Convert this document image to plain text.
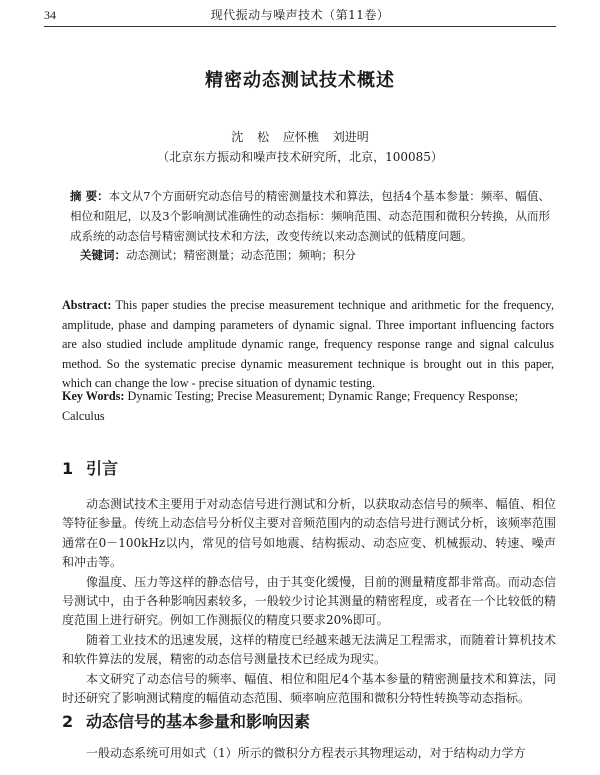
34	现代振动与噪声技术（第11卷）
精密动态测试技术概述
沈 松 应怀樵 刘进明
（北京东方振动和噪声技术研究所，北京，100085）
摘 要：本文从7个方面研究动态信号的精密测量技术和算法，包括4个基本参量：频率、幅值、相位和阻尼，以及3个影响测试准确性的动态指标：频响范围、动态范围和微积分转换，从而形成系统的动态信号精密测试技术和方法，改变传统以来动态测试的低精度问题。
关键词：动态测试；精密测量；动态范围；频响；积分
Abstract: This paper studies the precise measurement technique and arithmetic for the frequency, amplitude, phase and damping parameters of dynamic signal. Three important influencing factors are also studied include amplitude dynamic range, frequency response range and signal calculus method. So the systematic precise dynamic measurement technique is brought out in this paper, which can change the low - precise situation of dynamic testing.
Key Words: Dynamic Testing; Precise Measurement; Dynamic Range; Frequency Response; Calculus
1 引言

动态测试技术主要用于对动态信号进行测试和分析，以获取动态信号的频率、幅值、相位等特征参量。传统上动态信号分析仪主要对音频范围内的动态信号进行测试分析，该频率范围通常在0－100kHz以内，常见的信号如地震、结构振动、动态应变、机械振动、转速、噪声和冲击等。

像温度、压力等这样的静态信号，由于其变化缓慢，目前的测量精度都非常高。而动态信号测试中，由于各种影响因素较多，一般较少讨论其测量的精密程度，或者在一个比较低的精度范围上进行研究。例如工作测振仪的精度只要求20%即可。

随着工业技术的迅速发展，这样的精度已经越来越无法满足工程需求，而随着计算机技术和软件算法的发展，精密的动态信号测量技术已经成为现实。

本文研究了动态信号的频率、幅值、相位和阻尼4个基本参量的精密测量技术和算法，同时还研究了影响测试精度的幅值动态范围、频率响应范围和微积分特性转换等动态指标。

2 动态信号的基本参量和影响因素
一般动态系统可用如式（1）所示的微积分方程表示其物理运动，对于结构动力学方
